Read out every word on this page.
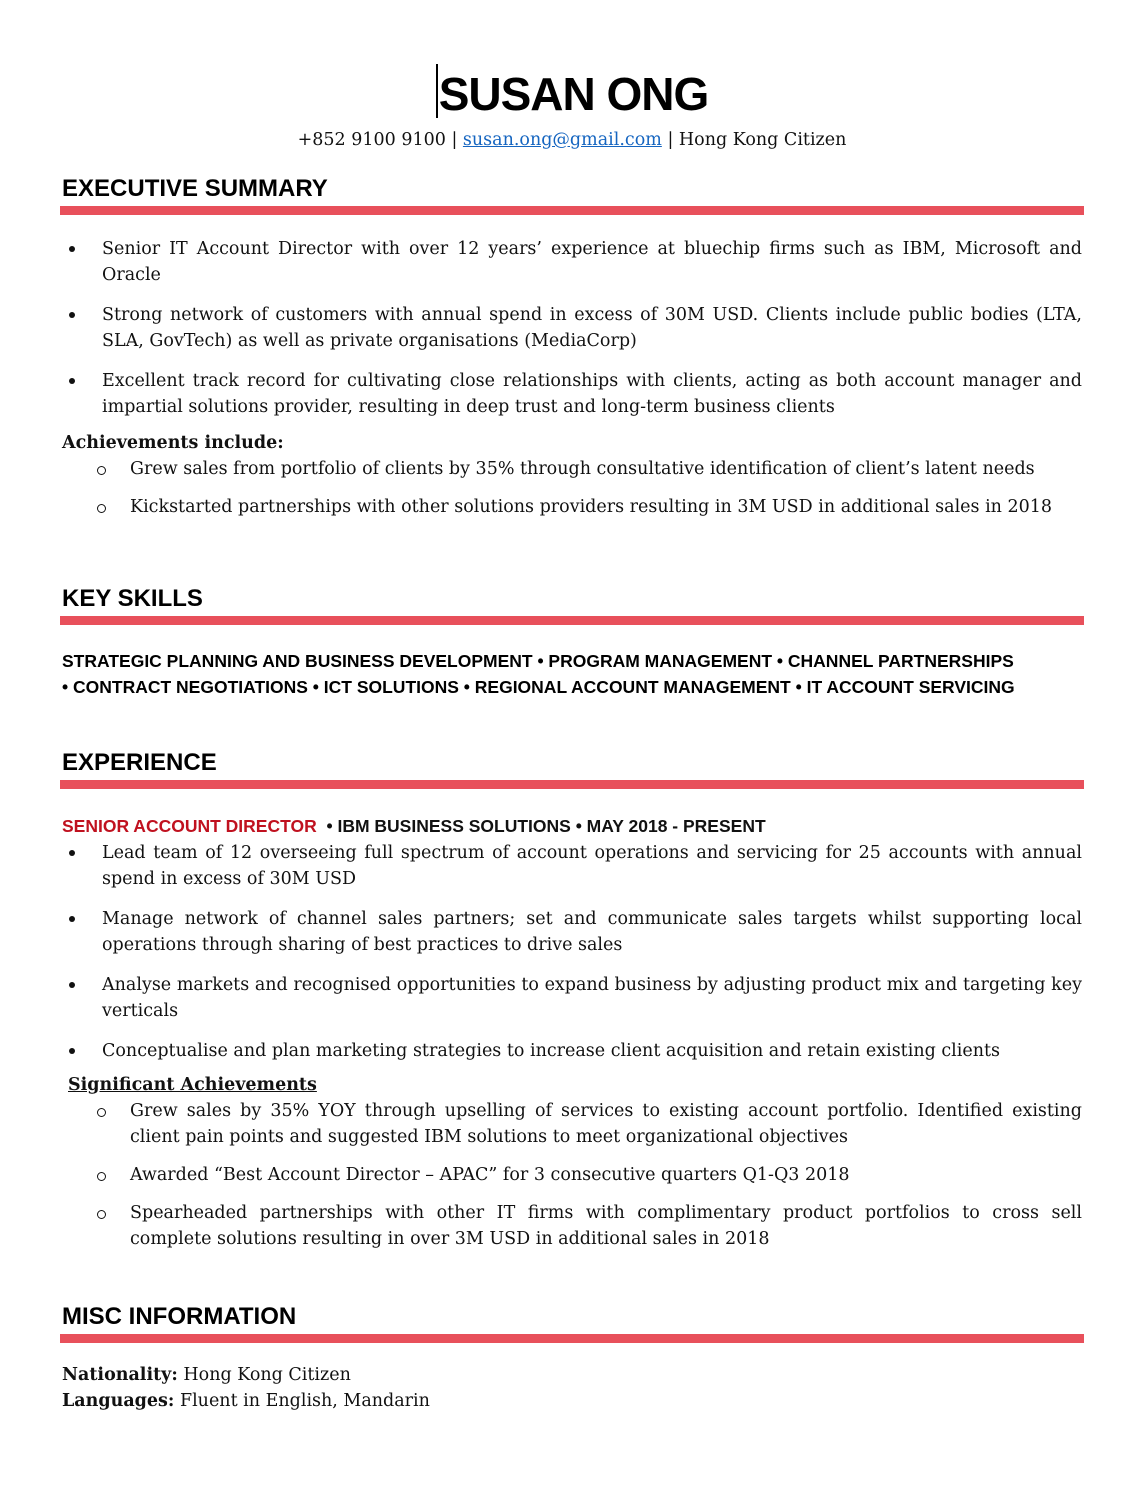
SUSAN ONG
+852 9100 9100 | susan.ong@gmail.com | Hong Kong Citizen
EXECUTIVE SUMMARY
Senior IT Account Director with over 12 years’ experience at bluechip firms such as IBM, Microsoft and Oracle
Strong network of customers with annual spend in excess of 30M USD. Clients include public bodies (LTA, SLA, GovTech) as well as private organisations (MediaCorp)
Excellent track record for cultivating close relationships with clients, acting as both account manager and impartial solutions provider, resulting in deep trust and long-term business clients
Achievements include:
Grew sales from portfolio of clients by 35% through consultative identification of client’s latent needs
Kickstarted partnerships with other solutions providers resulting in 3M USD in additional sales in 2018
KEY SKILLS
STRATEGIC PLANNING AND BUSINESS DEVELOPMENT • PROGRAM MANAGEMENT • CHANNEL PARTNERSHIPS
• CONTRACT NEGOTIATIONS • ICT SOLUTIONS • REGIONAL ACCOUNT MANAGEMENT • IT ACCOUNT SERVICING
EXPERIENCE
SENIOR ACCOUNT DIRECTOR • IBM BUSINESS SOLUTIONS • MAY 2018 - PRESENT
Lead team of 12 overseeing full spectrum of account operations and servicing for 25 accounts with annual spend in excess of 30M USD
Manage network of channel sales partners; set and communicate sales targets whilst supporting local operations through sharing of best practices to drive sales
Analyse markets and recognised opportunities to expand business by adjusting product mix and targeting key verticals
Conceptualise and plan marketing strategies to increase client acquisition and retain existing clients
Significant Achievements
Grew sales by 35% YOY through upselling of services to existing account portfolio. Identified existing client pain points and suggested IBM solutions to meet organizational objectives
Awarded “Best Account Director – APAC” for 3 consecutive quarters Q1-Q3 2018
Spearheaded partnerships with other IT firms with complimentary product portfolios to cross sell complete solutions resulting in over 3M USD in additional sales in 2018
MISC INFORMATION
Nationality: Hong Kong Citizen
Languages: Fluent in English, Mandarin
